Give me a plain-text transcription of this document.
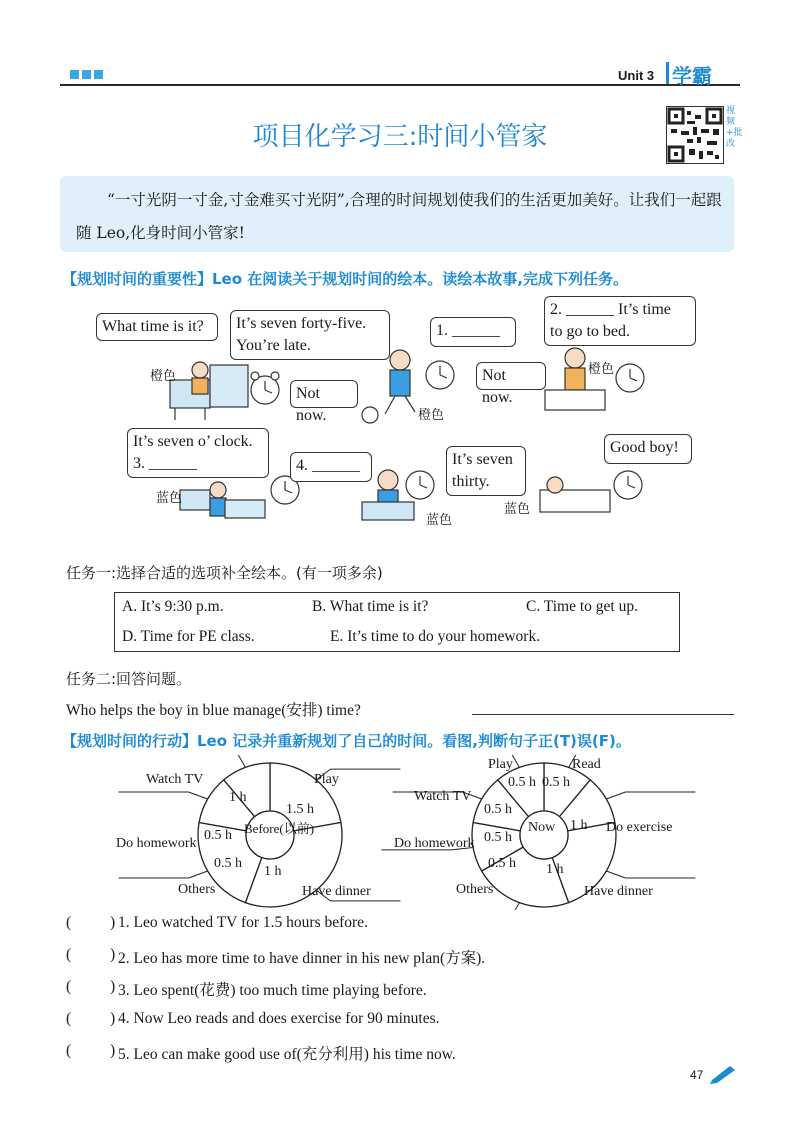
Unit 3 学霸
项目化学习三:时间小管家
视频+批改
“一寸光阴一寸金,寸金难买寸光阴”,合理的时间规划使我们的生活更加美好。让我们一起跟随 Leo,化身时间小管家!
【规划时间的重要性】Leo 在阅读关于规划时间的绘本。读绘本故事,完成下列任务。
What time is it?	It’s seven forty-five.
You’re late.
1. ______
2. ______ It’s time
to go to bed.
Not now.
Not now.
It’s seven o’ clock.
3. ______	4. ______	It’s seven
thirty.
Good boy!
橙色
橙色
橙色
蓝色
蓝色
蓝色
任务一:选择合适的选项补全绘本。(有一项多余)
A. It’s 9:30 p.m.	B. What time is it?	C. Time to get up.
D. Time for PE class.	E. It’s time to do your homework.
任务二:回答问题。
Who helps the boy in blue manage(安排) time?
【规划时间的行动】Leo 记录并重新规划了自己的时间。看图,判断句子正(T)误(F)。
Watch TV	Play
Do homework
Others	Have dinner
1 h
1.5 h
1 h
0.5 h
0.5 h Before(以前)
Play	Read
Do exercise
Have dinner
Others
Do homework
Watch TV
0.5 h 0.5 h
1 h
1 h
0.5 h
0.5 h
0.5 h
Now
(	) 1. Leo watched TV for 1.5 hours before.
(	) 2. Leo has more time to have dinner in his new plan(方案).
(	) 3. Leo spent(花费) too much time playing before.
(	) 4. Now Leo reads and does exercise for 90 minutes.
(	) 5. Leo can make good use of(充分利用) his time now.
47
